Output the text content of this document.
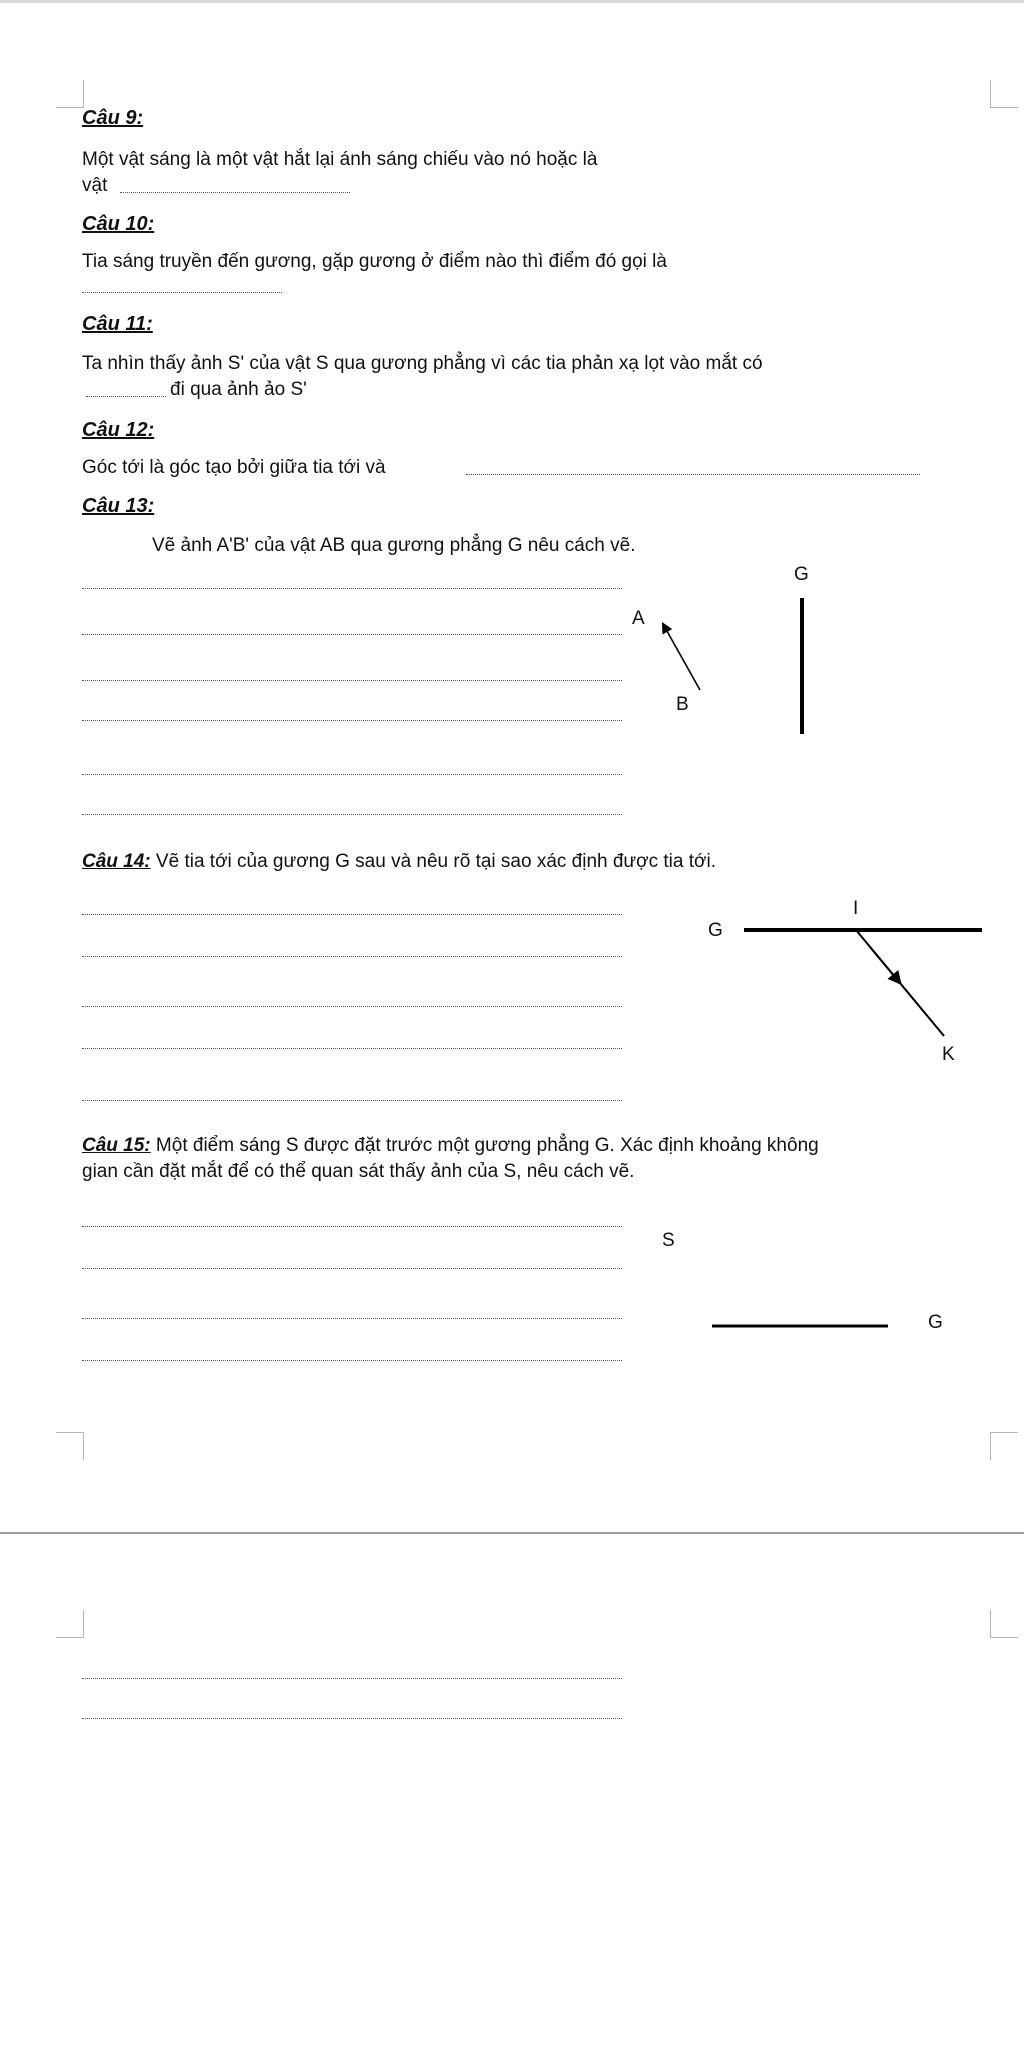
Câu 9:
Một vật sáng là một vật hắt lại ánh sáng chiếu vào nó hoặc là
vật
Câu 10:
Tia sáng truyền đến gương, gặp gương ở điểm nào thì điểm đó gọi là
Câu 11:
Ta nhìn thấy ảnh S' của vật S qua gương phẳng vì các tia phản xạ lọt vào mắt có
đi qua ảnh ảo S'
Câu 12:
Góc tới là góc tạo bởi giữa tia tới và
Câu 13:
Vẽ ảnh A'B' của vật AB qua gương phẳng G nêu cách vẽ.
G
A
B
Câu 14: Vẽ tia tới của gương G sau và nêu rõ tại sao xác định được tia tới.
G
I
K
Câu 15: Một điểm sáng S được đặt trước một gương phẳng G. Xác định khoảng không
gian cần đặt mắt để có thể quan sát thấy ảnh của S, nêu cách vẽ.
S
G
